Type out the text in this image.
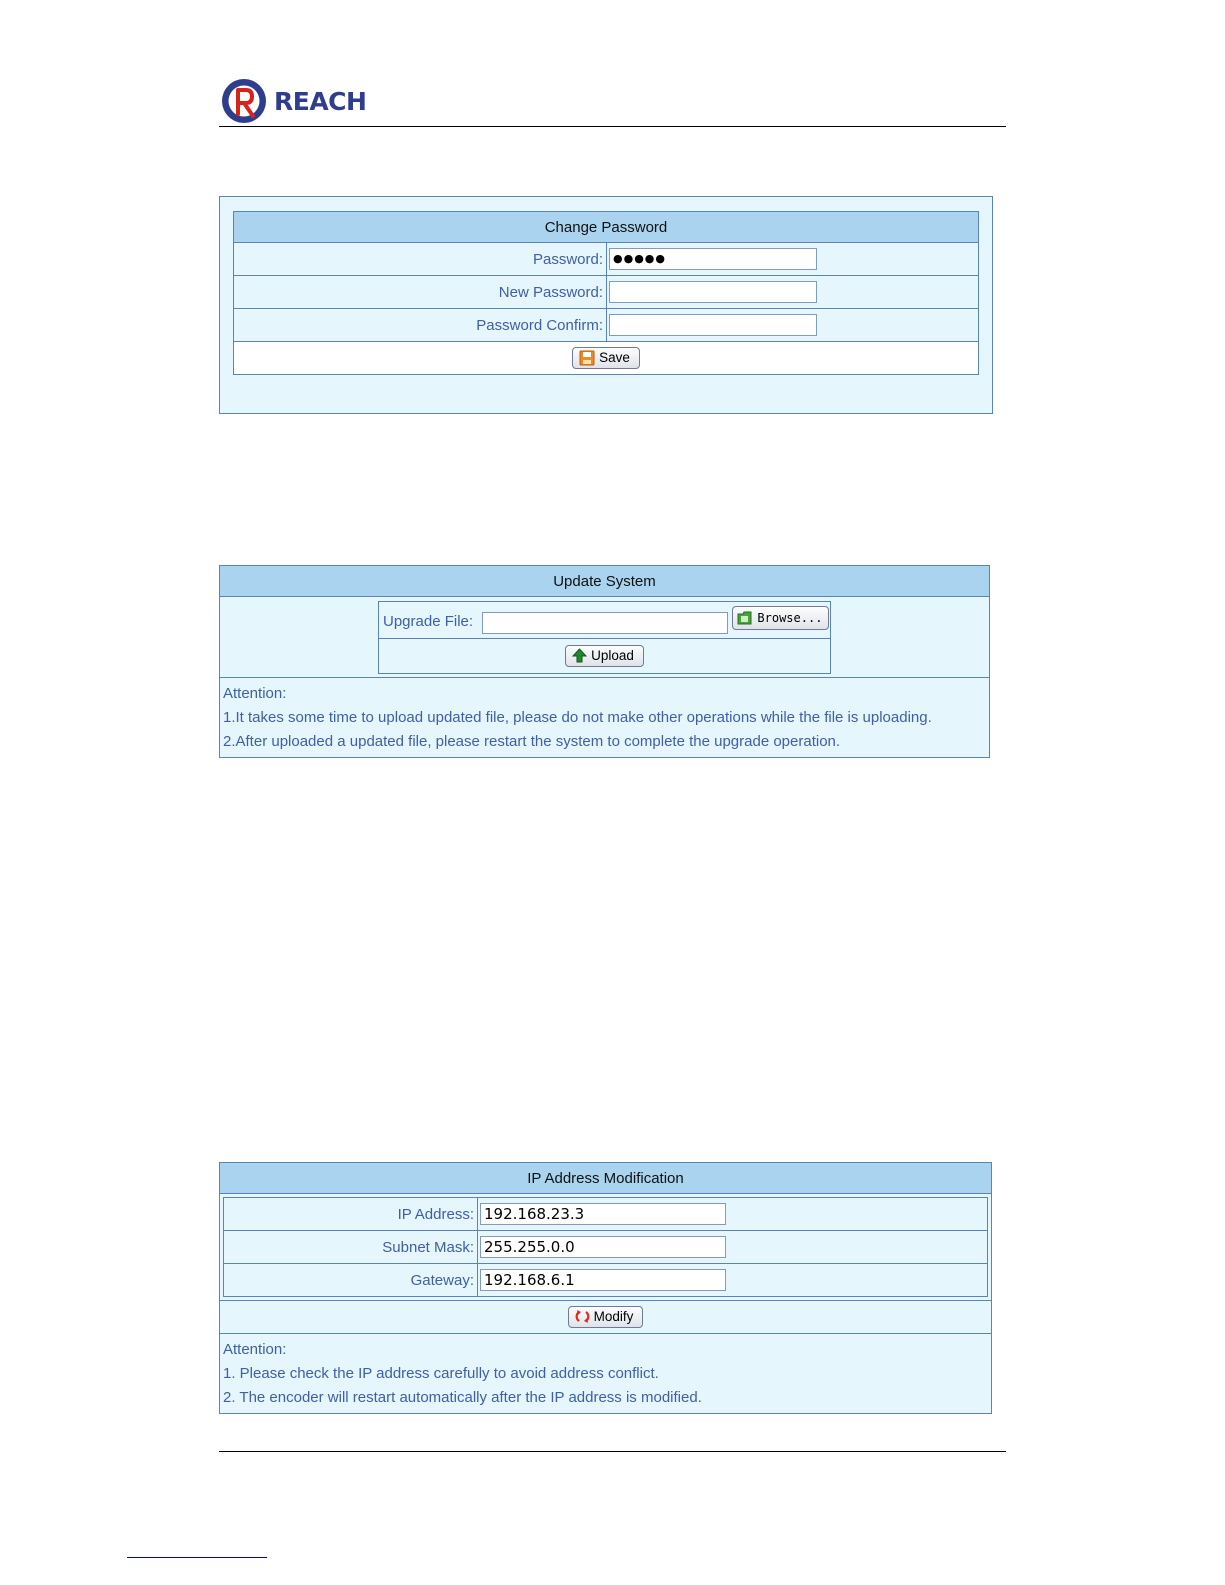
REACH
Change Password	
Password:	●●●●●
New Password:	
Password Confirm:	

Save	
Update System

Upgrade File:	Browse...

Upload

Attention:
1.It takes some time to upload updated file, please do not make other operations while the file is uploading.
2.After uploaded a updated file, please restart the system to complete the upgrade operation.
IP Address Modification

IP Address:	192.168.23.3
Subnet Mask:	255.255.0.0
Gateway:	192.168.6.1

Modify

Attention:
1. Please check the IP address carefully to avoid address conflict.
2. The encoder will restart automatically after the IP address is modified.
